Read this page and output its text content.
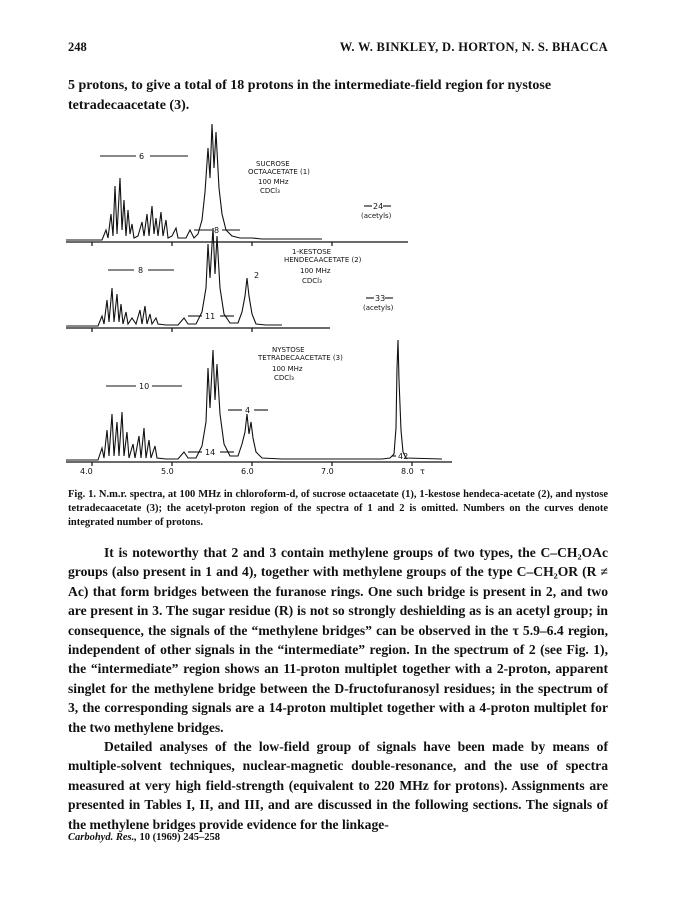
248	W. W. BINKLEY, D. HORTON, N. S. BHACCA
5 protons, to give a total of 18 protons in the intermediate-field region for nystose tetradecaacetate (3).
6
8
SUCROSE
OCTAACETATE (1)
100 MHz
CDCl₃
24
(acetyls)
8
11
2
1-KESTOSE
HENDECAACETATE (2)
100 MHz
CDCl₃
33
(acetyls)
10
14
4
42
NYSTOSE
TETRADECAACETATE (3)
100 MHz
CDCl₃
4.0	5.0	6.0	7.0	8.0 τ
Fig. 1. N.m.r. spectra, at 100 MHz in chloroform-d, of sucrose octaacetate (1), 1-kestose hendeca-acetate (2), and nystose tetradecaacetate (3); the acetyl-proton region of the spectra of 1 and 2 is omitted. Numbers on the curves denote integrated number of protons.

It is noteworthy that 2 and 3 contain methylene groups of two types, the C–CH₂OAc groups (also present in 1 and 4), together with methylene groups of the type C–CH₂OR (R ≠ Ac) that form bridges between the furanose rings. One such bridge is present in 2, and two are present in 3. The sugar residue (R) is not so strongly deshielding as is an acetyl group; in consequence, the signals of the “methylene bridges” can be observed in the τ 5.9–6.4 region, independent of other signals in the “intermediate” region. In the spectrum of 2 (see Fig. 1), the “intermediate” region shows an 11-proton multiplet together with a 2-proton, apparent singlet for the methylene bridge between the D-fructofuranosyl residues; in the spectrum of 3, the corresponding signals are a 14-proton multiplet together with a 4-proton multiplet for the two methylene bridges.

Detailed analyses of the low-field group of signals have been made by means of multiple-solvent techniques, nuclear-magnetic double-resonance, and the use of spectra measured at very high field-strength (equivalent to 220 MHz for protons). Assignments are presented in Tables I, II, and III, and are discussed in the following sections. The signals of the methylene bridges provide evidence for the linkage-

Carbohyd. Res., 10 (1969) 245–258
